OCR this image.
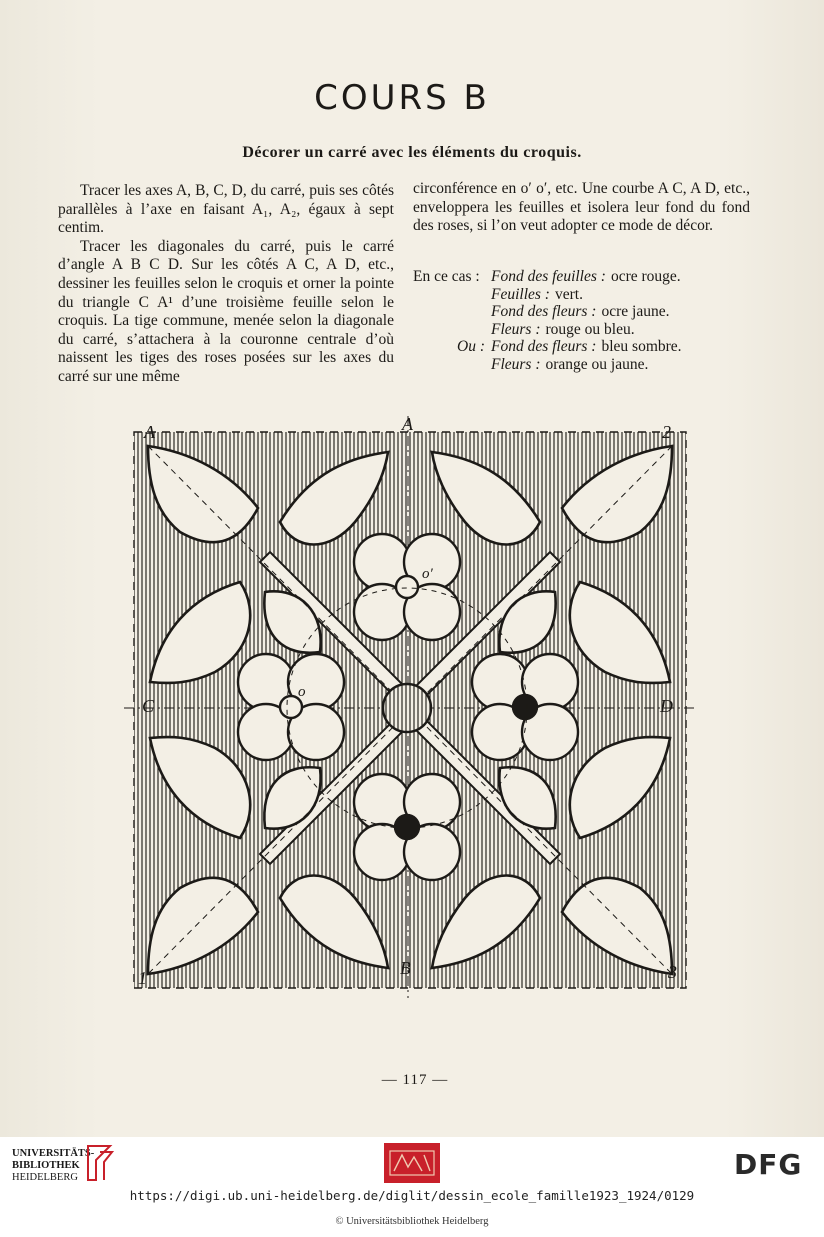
COURS B
Décorer un carré avec les éléments du croquis.

Tracer les axes A, B, C, D, du carré, puis ses côtés parallèles à l’axe en faisant A₁, A₂, égaux à sept centim.

Tracer les diagonales du carré, puis le carré d’angle A B C D. Sur les côtés A C, A D, etc., dessiner les feuilles selon le croquis et orner la pointe du triangle C A¹ d’une troisième feuille selon le croquis. La tige commune, menée selon la diagonale du carré, s’attachera à la couronne centrale d’où naissent les tiges des roses posées sur les axes du carré sur une même

circonférence en o′ o′, etc. Une courbe A C, A D, etc., enveloppera les feuilles et isolera leur fond du fond des roses, si l’on veut adopter ce mode de décor.

En ce cas : Fond des feuilles : ocre rouge.
Feuilles : vert.
Fond des fleurs : ocre jaune.
Fleurs : rouge ou bleu.
Ou : Fond des fleurs : bleu sombre.
Fleurs : orange ou jaune.
A	A	2
C	D
1	B	3
o′
o
— 117 —
UNIVERSITÄTS-
BIBLIOTHEK
HEIDELBERG	DFG
https://digi.ub.uni-heidelberg.de/diglit/dessin_ecole_famille1923_1924/0129
© Universitätsbibliothek Heidelberg
